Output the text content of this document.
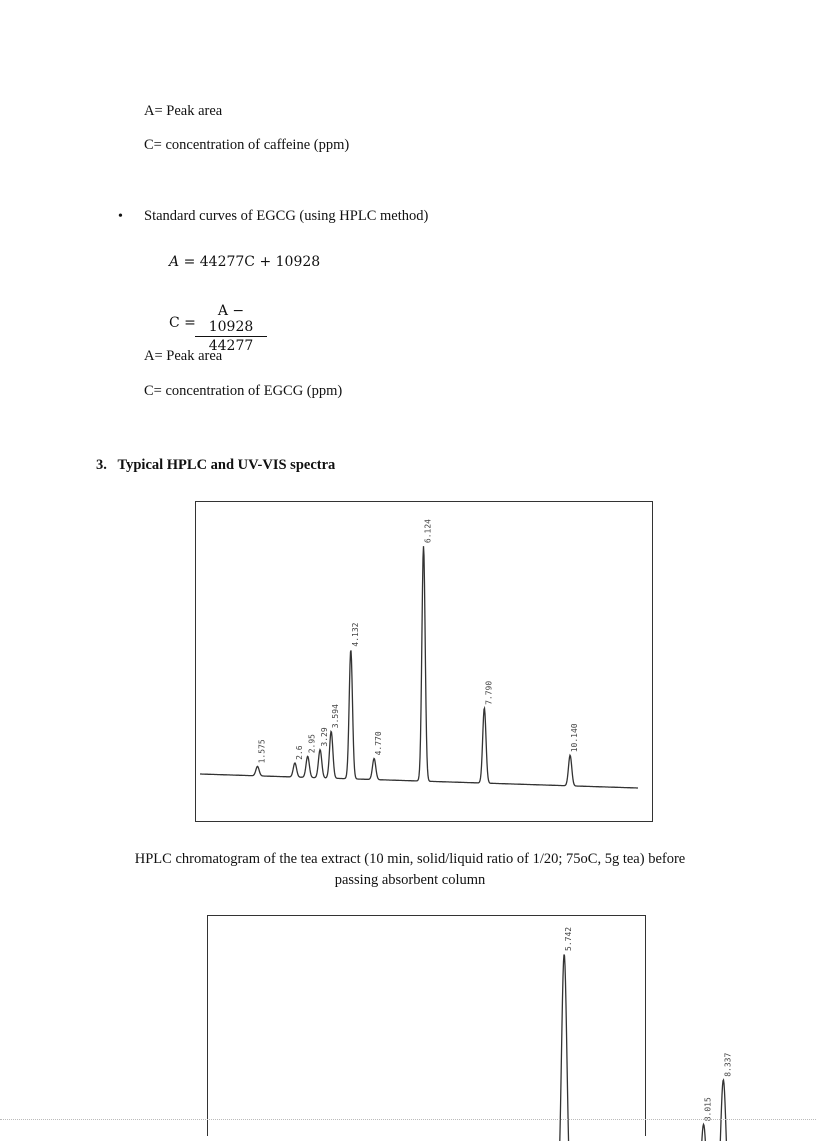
A= Peak area
C= concentration of caffeine (ppm)
• Standard curves of EGCG (using HPLC method)
A = 44277C + 10928
$C = \frac{A - 10928}{44277}$
A= Peak area
C= concentration of EGCG (ppm)
3. Typical HPLC and UV-VIS spectra
1.575	2.6 2.95 3.29
3.594
4.132
4.770
6.124
7.790
10.140
HPLC chromatogram of the tea extract (10 min, solid/liquid ratio of 1/20; 75oC, 5g tea) before
passing absorbent column
5.742
8.015
8.337
